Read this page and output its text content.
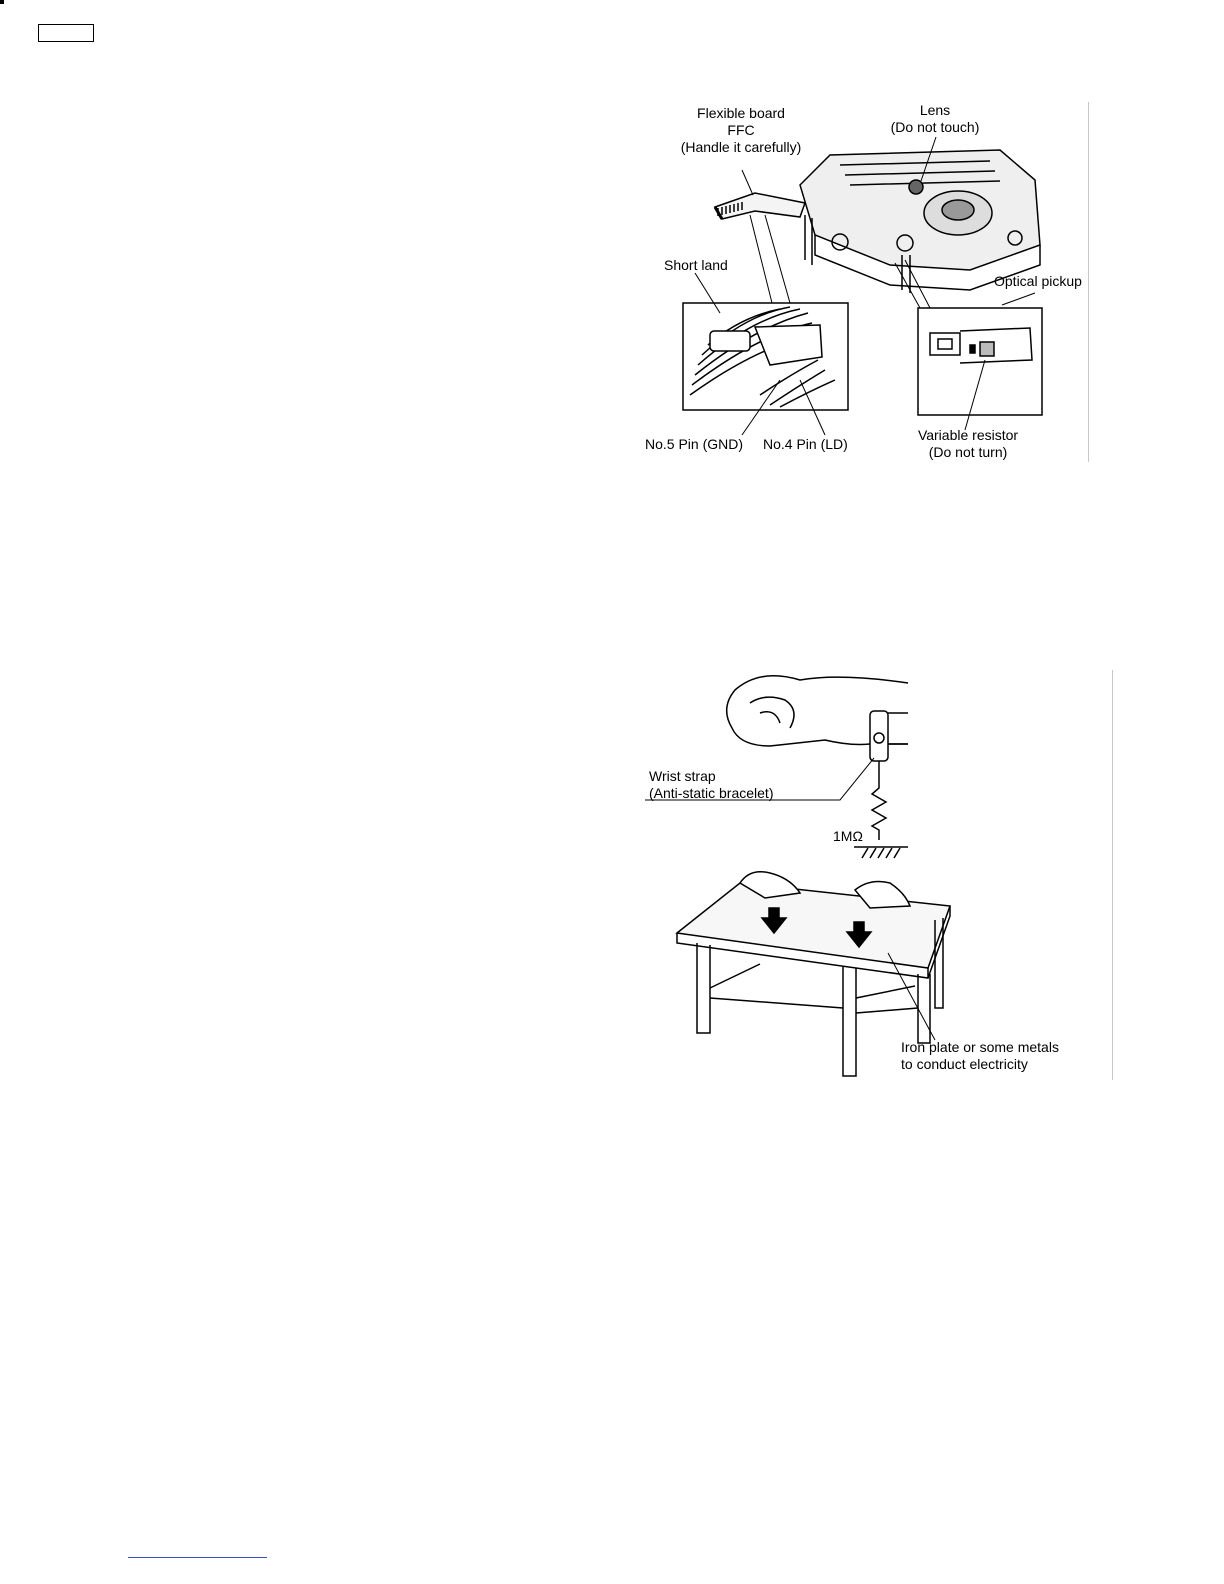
Flexible board
FFC
(Handle it carefully)
Lens
(Do not touch)
Short land
Optical pickup
No.5 Pin (GND) No.4 Pin (LD)
Variable resistor
(Do not turn)
Wrist strap
(Anti-static bracelet)
1MΩ
Iron plate or some metals
to conduct electricity
